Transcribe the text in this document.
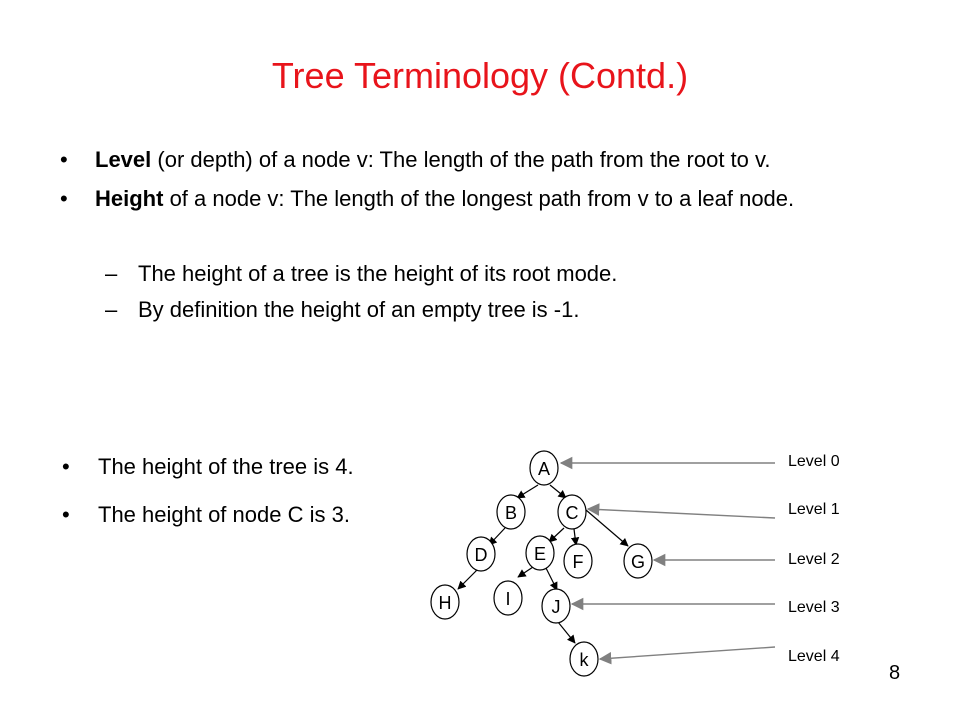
Tree Terminology (Contd.)
• Level (or depth) of a node v: The length of the path from the root to v.
• Height of a node v: The length of the longest path from v to a leaf node.
– The height of a tree is the height of its root mode.
– By definition the height of an empty tree is -1.
• The height of the tree is 4.
• The height of node C is 3.
A
B	C
D	E F	G
H	I J
k
Level 0
Level 1
Level 2
Level 3
Level 4
8
